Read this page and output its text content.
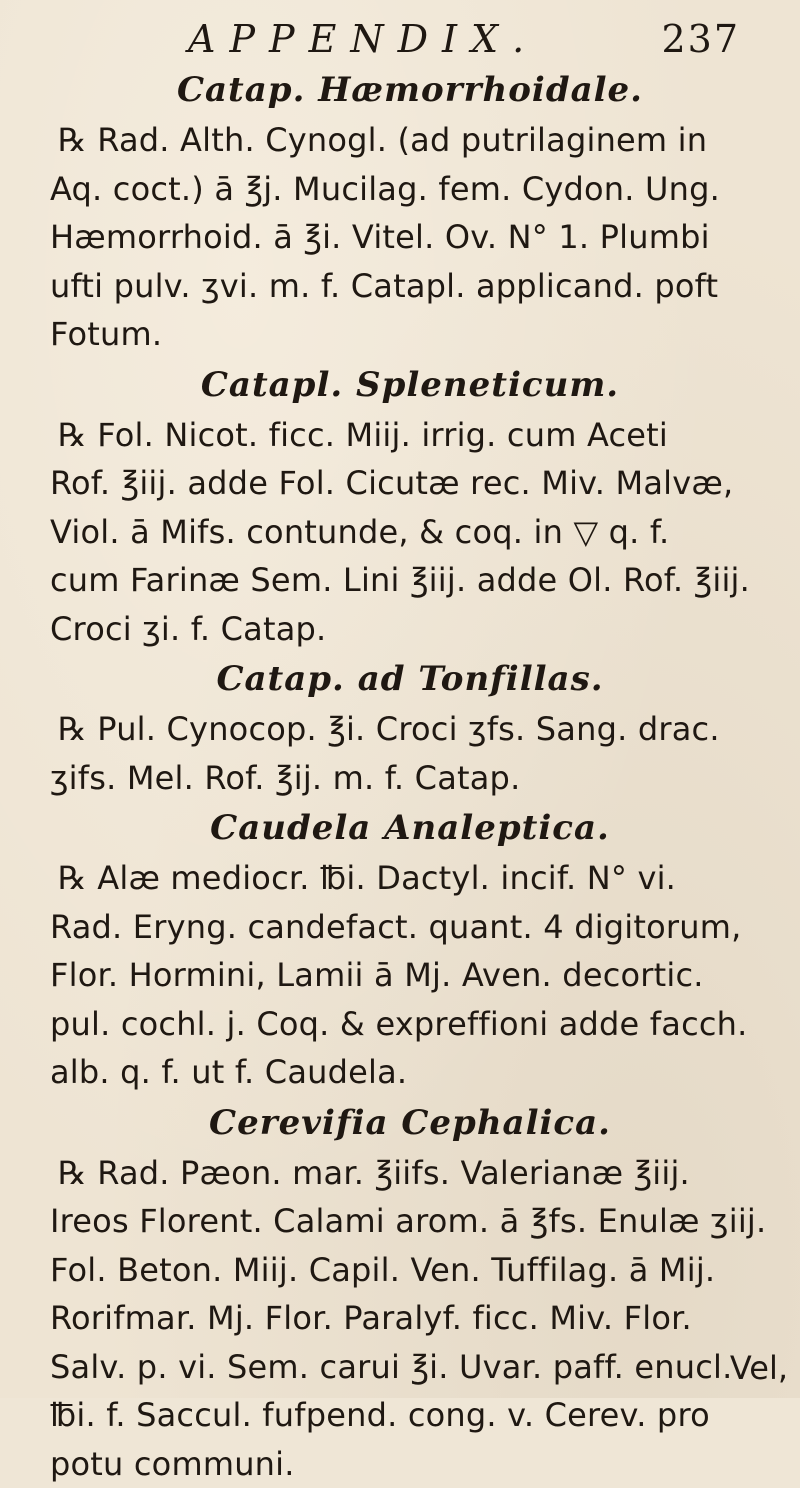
APPENDIX.	237
Catap. Hæmorrhoidale.

℞ Rad. Alth. Cynogl. (ad putrilaginem in

Aq. coct.) ā ℥j. Mucilag. fem. Cydon. Ung.

Hæmorrhoid. ā ℥i. Vitel. Ov. N° 1. Plumbi

ufti pulv. ʒvi. m. f. Catapl. applicand. poft

Fotum.

Catapl. Spleneticum.

℞ Fol. Nicot. ficc. Miij. irrig. cum Aceti

Rof. ℥iij. adde Fol. Cicutæ rec. Miv. Malvæ,

Viol. ā Mifs. contunde, & coq. in ▽ q. f.

cum Farinæ Sem. Lini ℥iij. adde Ol. Rof. ℥iij.

Croci ʒi. f. Catap.

Catap. ad Tonfillas.

℞ Pul. Cynocop. ℥i. Croci ʒfs. Sang. drac.

ʒifs. Mel. Rof. ℥ij. m. f. Catap.

Caudela Analeptica.

℞ Alæ mediocr. ℔i. Dactyl. incif. N° vi.

Rad. Eryng. candefact. quant. 4 digitorum,

Flor. Hormini, Lamii ā Mj. Aven. decortic.

pul. cochl. j. Coq. & expreffioni adde facch.

alb. q. f. ut f. Caudela.

Cerevifia Cephalica.

℞ Rad. Pæon. mar. ℥iifs. Valerianæ ℥iij.

Ireos Florent. Calami arom. ā ℥fs. Enulæ ʒiij.

Fol. Beton. Miij. Capil. Ven. Tuffilag. ā Mij.

Rorifmar. Mj. Flor. Paralyf. ficc. Miv. Flor.

Salv. p. vi. Sem. carui ℥i. Uvar. paff. enucl.

℔i. f. Saccul. fufpend. cong. v. Cerev. pro

potu communi.

Vel,
